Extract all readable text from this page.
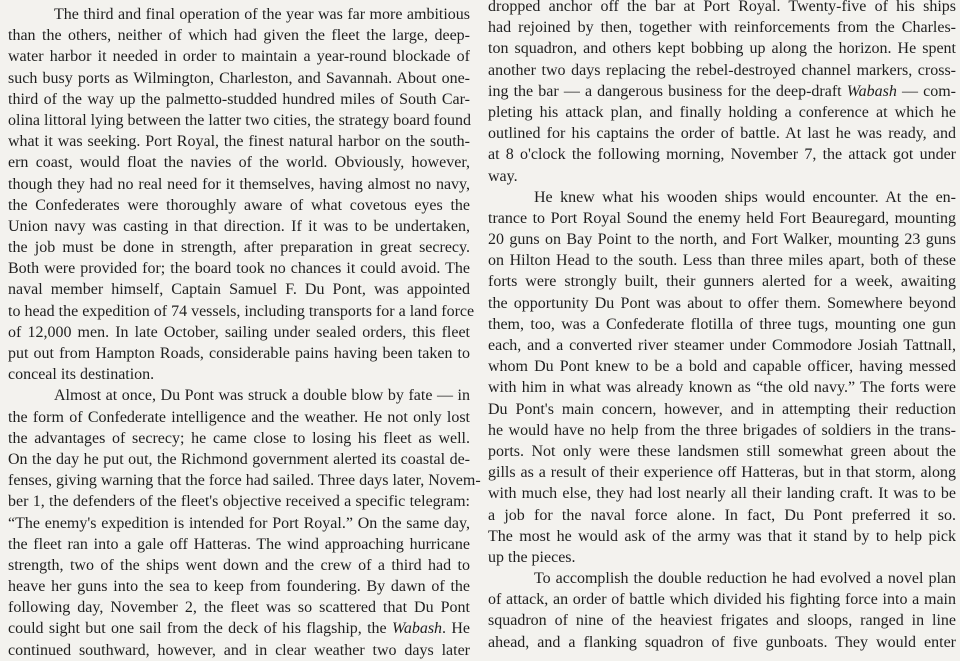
The third and final operation of the year was far more ambitious
than the others, neither of which had given the fleet the large, deep-
water harbor it needed in order to maintain a year-round blockade of
such busy ports as Wilmington, Charleston, and Savannah. About one-
third of the way up the palmetto-studded hundred miles of South Car-
olina littoral lying between the latter two cities, the strategy board found
what it was seeking. Port Royal, the finest natural harbor on the south-
ern coast, would float the navies of the world. Obviously, however,
though they had no real need for it themselves, having almost no navy,
the Confederates were thoroughly aware of what covetous eyes the
Union navy was casting in that direction. If it was to be undertaken,
the job must be done in strength, after preparation in great secrecy.
Both were provided for; the board took no chances it could avoid. The
naval member himself, Captain Samuel F. Du Pont, was appointed
to head the expedition of 74 vessels, including transports for a land force
of 12,000 men. In late October, sailing under sealed orders, this fleet
put out from Hampton Roads, considerable pains having been taken to
conceal its destination.
Almost at once, Du Pont was struck a double blow by fate — in
the form of Confederate intelligence and the weather. He not only lost
the advantages of secrecy; he came close to losing his fleet as well.
On the day he put out, the Richmond government alerted its coastal de-
fenses, giving warning that the force had sailed. Three days later, Novem-
ber 1, the defenders of the fleet's objective received a specific telegram:
“The enemy's expedition is intended for Port Royal.” On the same day,
the fleet ran into a gale off Hatteras. The wind approaching hurricane
strength, two of the ships went down and the crew of a third had to
heave her guns into the sea to keep from foundering. By dawn of the
following day, November 2, the fleet was so scattered that Du Pont
could sight but one sail from the deck of his flagship, the Wabash. He
continued southward, however, and in clear weather two days later
dropped anchor off the bar at Port Royal. Twenty-five of his ships
had rejoined by then, together with reinforcements from the Charles-
ton squadron, and others kept bobbing up along the horizon. He spent
another two days replacing the rebel-destroyed channel markers, cross-
ing the bar — a dangerous business for the deep-draft Wabash — com-
pleting his attack plan, and finally holding a conference at which he
outlined for his captains the order of battle. At last he was ready, and
at 8 o'clock the following morning, November 7, the attack got under
way.
He knew what his wooden ships would encounter. At the en-
trance to Port Royal Sound the enemy held Fort Beauregard, mounting
20 guns on Bay Point to the north, and Fort Walker, mounting 23 guns
on Hilton Head to the south. Less than three miles apart, both of these
forts were strongly built, their gunners alerted for a week, awaiting
the opportunity Du Pont was about to offer them. Somewhere beyond
them, too, was a Confederate flotilla of three tugs, mounting one gun
each, and a converted river steamer under Commodore Josiah Tattnall,
whom Du Pont knew to be a bold and capable officer, having messed
with him in what was already known as “the old navy.” The forts were
Du Pont's main concern, however, and in attempting their reduction
he would have no help from the three brigades of soldiers in the trans-
ports. Not only were these landsmen still somewhat green about the
gills as a result of their experience off Hatteras, but in that storm, along
with much else, they had lost nearly all their landing craft. It was to be
a job for the naval force alone. In fact, Du Pont preferred it so.
The most he would ask of the army was that it stand by to help pick
up the pieces.
To accomplish the double reduction he had evolved a novel plan
of attack, an order of battle which divided his fighting force into a main
squadron of nine of the heaviest frigates and sloops, ranged in line
ahead, and a flanking squadron of five gunboats. They would enter
